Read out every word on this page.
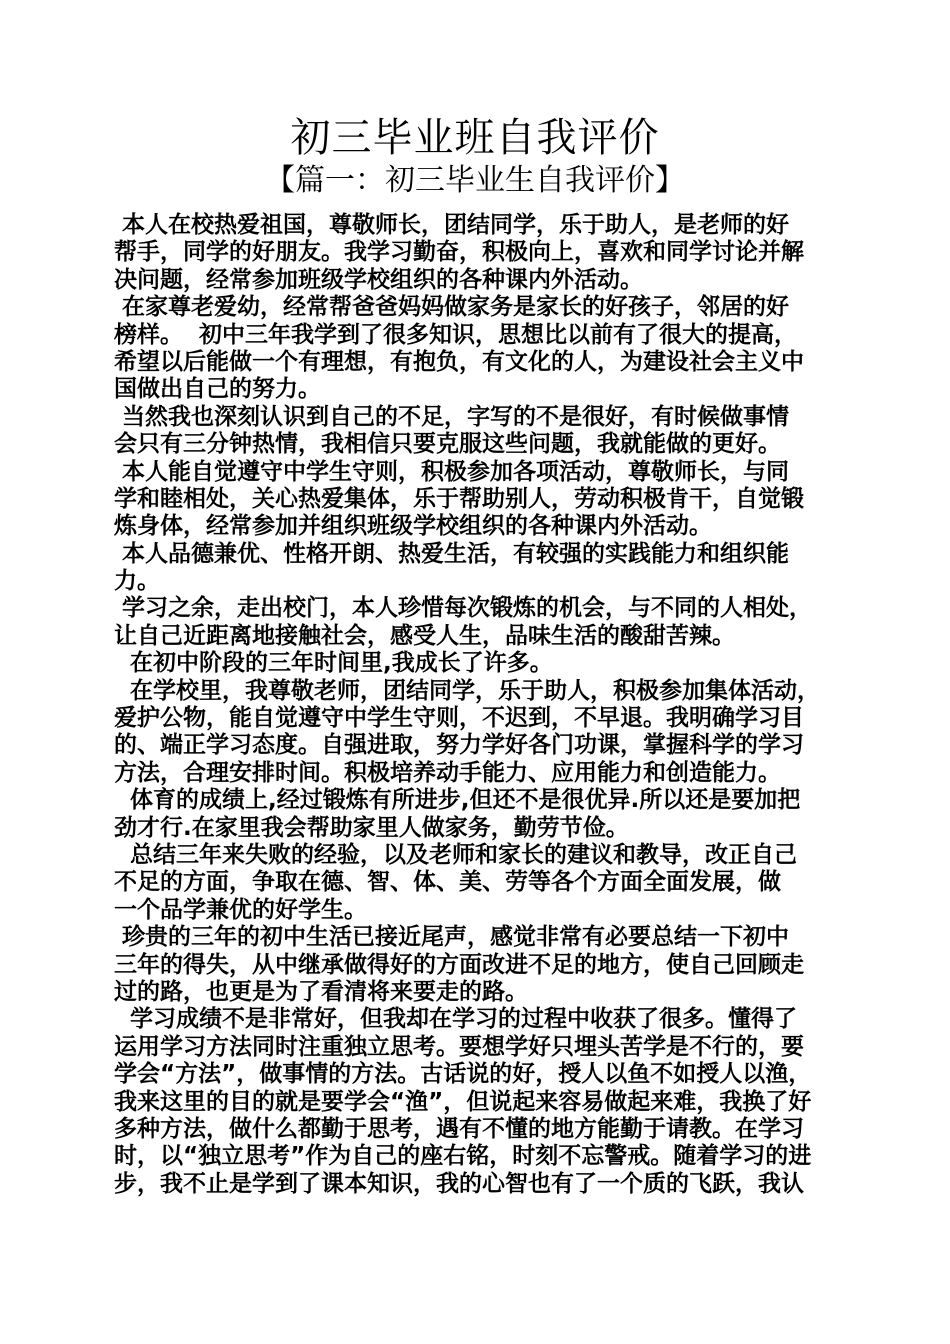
初三毕业班自我评价
【篇一：初三毕业生自我评价】
本人在校热爱祖国，尊敬师长，团结同学，乐于助人，是老师的好
帮手，同学的好朋友。我学习勤奋，积极向上，喜欢和同学讨论并解
决问题，经常参加班级学校组织的各种课内外活动。
在家尊老爱幼，经常帮爸爸妈妈做家务是家长的好孩子，邻居的好
榜样。  初中三年我学到了很多知识，思想比以前有了很大的提高，
希望以后能做一个有理想，有抱负，有文化的人，为建设社会主义中
国做出自己的努力。
当然我也深刻认识到自己的不足，字写的不是很好，有时候做事情
会只有三分钟热情，我相信只要克服这些问题，我就能做的更好。
本人能自觉遵守中学生守则，积极参加各项活动，尊敬师长，与同
学和睦相处，关心热爱集体，乐于帮助别人，劳动积极肯干，自觉锻
炼身体，经常参加并组织班级学校组织的各种课内外活动。
本人品德兼优、性格开朗、热爱生活，有较强的实践能力和组织能
力。
学习之余，走出校门，本人珍惜每次锻炼的机会，与不同的人相处，
让自己近距离地接触社会，感受人生，品味生活的酸甜苦辣。
在初中阶段的三年时间里,我成长了许多。
在学校里，我尊敬老师，团结同学，乐于助人，积极参加集体活动，
爱护公物，能自觉遵守中学生守则，不迟到，不早退。我明确学习目
的、端正学习态度。自强进取，努力学好各门功课，掌握科学的学习
方法，合理安排时间。积极培养动手能力、应用能力和创造能力。
体育的成绩上,经过锻炼有所进步,但还不是很优异.所以还是要加把
劲才行.在家里我会帮助家里人做家务，勤劳节俭。
总结三年来失败的经验，以及老师和家长的建议和教导，改正自己
不足的方面，争取在德、智、体、美、劳等各个方面全面发展，做
一个品学兼优的好学生。
珍贵的三年的初中生活已接近尾声，感觉非常有必要总结一下初中
三年的得失，从中继承做得好的方面改进不足的地方，使自己回顾走
过的路，也更是为了看清将来要走的路。
学习成绩不是非常好，但我却在学习的过程中收获了很多。懂得了
运用学习方法同时注重独立思考。要想学好只埋头苦学是不行的，要
学会“方法”，做事情的方法。古话说的好，授人以鱼不如授人以渔，
我来这里的目的就是要学会“渔”，但说起来容易做起来难，我换了好
多种方法，做什么都勤于思考，遇有不懂的地方能勤于请教。在学习
时，以“独立思考”作为自己的座右铭，时刻不忘警戒。随着学习的进
步，我不止是学到了课本知识，我的心智也有了一个质的飞跃，我认
